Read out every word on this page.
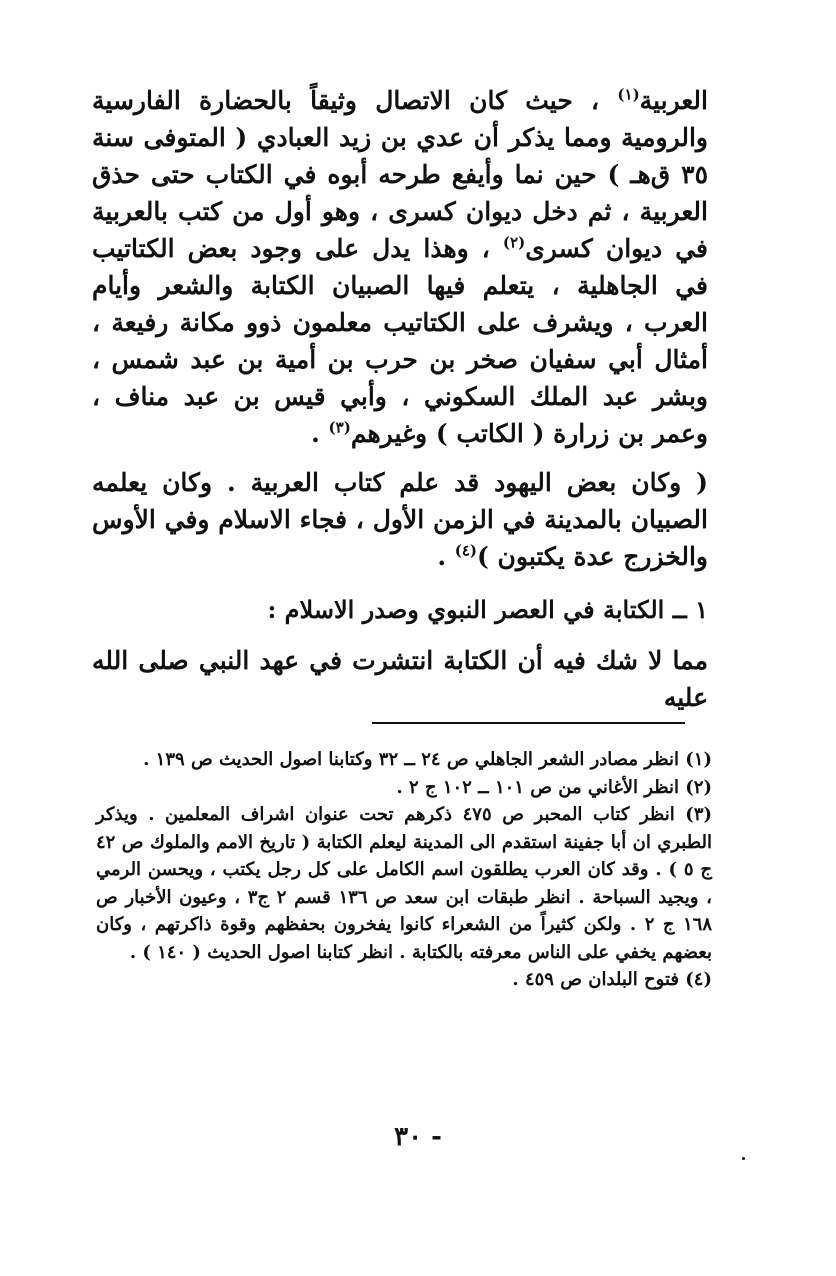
العربية$^{(١)}$ ، حيث كان الاتصال وثيقاً بالحضارة الفارسية والرومية ومما يذكر أن عدي بن زيد العبادي ( المتوفى سنة ٣٥ ق‌هـ ) حين نما وأيفع طرحه أبوه في الكتاب حتى حذق العربية ، ثم دخل ديوان كسرى ، وهو أول من كتب بالعربية في ديوان كسرى$^{(٢)}$ ، وهذا يدل على وجود بعض الكتاتيب في الجاهلية ، يتعلم فيها الصبيان الكتابة والشعر وأيام العرب ، ويشرف على الكتاتيب معلمون ذوو مكانة رفيعة ، أمثال أبي سفيان صخر بن حرب بن أمية بن عبد شمس ، وبشر عبد الملك السكوني ، وأبي قيس بن عبد مناف ، وعمر بن زرارة ( الكاتب ) وغيرهم$^{(٣)}$ .

( وكان بعض اليهود قد علم كتاب العربية . وكان يعلمه الصبيان بالمدينة في الزمن الأول ، فجاء الاسلام وفي الأوس والخزرج عدة يكتبون )$^{(٤)}$ .

١ ــ الكتابة في العصر النبوي وصدر الاسلام :

مما لا شك فيه أن الكتابة انتشرت في عهد النبي صلى الله عليه

(١) انظر مصادر الشعر الجاهلي ص ٢٤ ــ ٣٢ وكتابنا اصول الحديث ص ١٣٩ .

(٢) انظر الأغاني من ص ١٠١ ــ ١٠٢ ج ٢ .

(٣) انظر كتاب المحبر ص ٤٧٥ ذكرهم تحت عنوان اشراف المعلمين . ويذكر الطبري ان أبا جفينة استقدم الى المدينة ليعلم الكتابة ( تاريخ الامم والملوك ص ٤٢ ج ٥ ) . وقد كان العرب يطلقون اسم الكامل على كل رجل يكتب ، ويحسن الرمي ، ويجيد السباحة . انظر طبقات ابن سعد ص ١٣٦ قسم ٢ ج٣ ، وعيون الأخبار ص ١٦٨ ج ٢ . ولكن كثيراً من الشعراء كانوا يفخرون بحفظهم وقوة ذاكرتهم ، وكان بعضهم يخفي على الناس معرفته بالكتابة . انظر كتابنا اصول الحديث ( ١٤٠ ) .

(٤) فتوح البلدان ص ٤٥٩ .

- ٣٠
